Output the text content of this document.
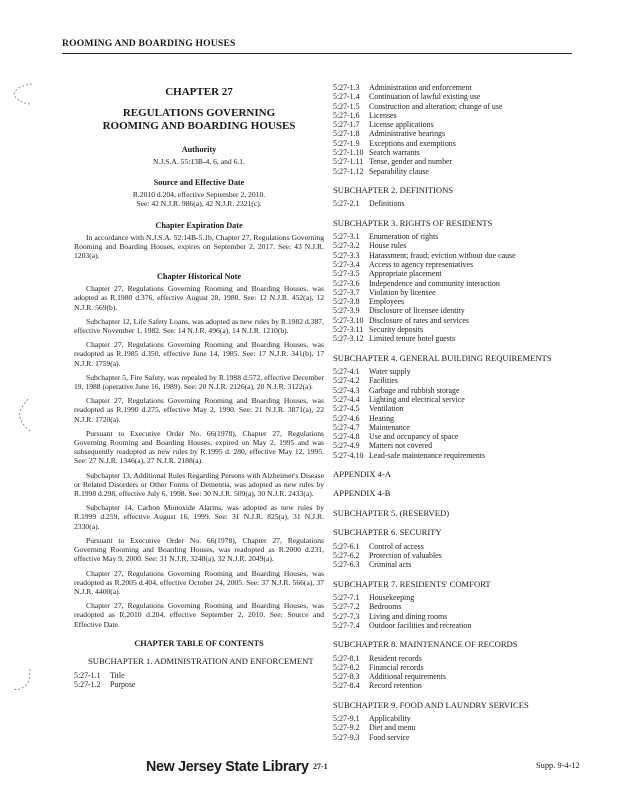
ROOMING AND BOARDING HOUSES
CHAPTER 27
REGULATIONS GOVERNING ROOMING AND BOARDING HOUSES
Authority
N.J.S.A. 55:13B-4, 6, and 6.1.
Source and Effective Date
R.2010 d.204, effective September 2, 2010.
See: 42 N.J.R. 986(a), 42 N.J.R. 2321(c).
Chapter Expiration Date

In accordance with N.J.S.A. 52:14B-5.1b, Chapter 27, Regulations Governing Rooming and Boarding Houses, expires on September 2, 2017. See: 43 N.J.R. 1203(a).

Chapter Historical Note

Chapter 27, Regulations Governing Rooming and Boarding Houses, was adopted as R.1980 d.376, effective August 28, 1980. See: 12 N.J.R. 452(a), 12 N.J.R. 569(b).

Subchapter 12, Life Safety Loans, was adopted as new rules by R.1982 d.387, effective November 1, 1982. See: 14 N.J.R. 496(a), 14 N.J.R. 1210(b).

Chapter 27, Regulations Governing Rooming and Boarding Houses, was readopted as R.1985 d.350, effective June 14, 1985. See: 17 N.J.R. 341(b), 17 N.J.R. 1759(a).

Subchapter 5, Fire Safety, was repealed by R.1988 d.572, effective December 19, 1988 (operative June 16, 1989). See: 20 N.J.R. 2126(a), 20 N.J.R. 3122(a).

Chapter 27, Regulations Governing Rooming and Boarding Houses, was readopted as R.1990 d.275, effective May 2, 1990. See: 21 N.J.R. 3871(a), 22 N.J.R. 1720(a).

Pursuant to Executive Order No. 66(1978), Chapter 27, Regulations Governing Rooming and Boarding Houses, expired on May 2, 1995 and was subsequently readopted as new rules by R.1995 d. 280, effective May 12, 1995. See: 27 N.J.R. 1346(a), 27 N.J.R. 2188(a).

Subchapter 13, Additional Rules Regarding Persons with Alzheimer's Disease or Related Disorders or Other Forms of Dementia, was adopted as new rules by R.1998 d.298, effective July 6, 1998. See: 30 N.J.R. 509(a), 30 N.J.R. 2433(a).

Subchapter 14, Carbon Monoxide Alarms, was adopted as new rules by R.1999 d.259, effective August 16, 1999. See: 31 N.J.R. 825(a), 31 N.J.R. 2330(a).

Pursuant to Executive Order No. 66(1978), Chapter 27, Regulations Governing Rooming and Boarding Houses, was readopted as R.2000 d.231, effective May 9, 2000. See: 31 N.J.R. 3248(a), 32 N.J.R. 2049(a).

Chapter 27, Regulations Governing Rooming and Boarding Houses, was readopted as R.2005 d.404, effective October 24, 2005. See: 37 N.J.R. 566(a), 37 N.J.R. 4400(a).

Chapter 27, Regulations Governing Rooming and Boarding Houses, was readopted as R.2010 d.204, effective September 2, 2010. See: Source and Effective Date.

CHAPTER TABLE OF CONTENTS
SUBCHAPTER 1. ADMINISTRATION AND ENFORCEMENT
5:27-1.1	Title
5:27-1.2	Purpose
5:27-1.3	Administration and enforcement
5:27-1.4	Continuation of lawful existing use
5:27-1.5	Construction and alteration; change of use
5:27-1.6	Licenses
5:27-1.7	License applications
5:27-1.8	Administrative hearings
5:27-1.9	Exceptions and exemptions
5:27-1.10 Search warrants
5:27-1.11 Tense, gender and number
5:27-1.12 Separability clause
SUBCHAPTER 2. DEFINITIONS
5:27-2.1	Definitions
SUBCHAPTER 3. RIGHTS OF RESIDENTS
5:27-3.1	Enumeration of rights
5:27-3.2	House rules
5:27-3.3	Harassment; fraud; eviction without due cause
5:27-3.4	Access to agency representatives
5:27-3.5	Appropriate placement
5:27-3.6	Independence and community interaction
5:27-3.7	Violation by licensee
5:27-3.8	Employees
5:27-3.9	Disclosure of licensee identity
5:27-3.10 Disclosure of rates and services
5:27-3.11 Security deposits
5:27-3.12 Limited tenure hotel guests
SUBCHAPTER 4. GENERAL BUILDING REQUIREMENTS
5:27-4.1	Water supply
5:27-4.2	Facilities
5:27-4.3	Garbage and rubbish storage
5:27-4.4	Lighting and electrical service
5:27-4.5	Ventilation
5:27-4.6	Heating
5:27-4.7	Maintenance
5:27-4.8	Use and occupancy of space
5:27-4.9	Matters not covered
5:27-4.10 Lead-safe maintenance requirements
APPENDIX 4-A
APPENDIX 4-B
SUBCHAPTER 5. (RESERVED)
SUBCHAPTER 6. SECURITY
5:27-6.1	Control of access
5:27-6.2	Protection of valuables
5:27-6.3	Criminal acts
SUBCHAPTER 7. RESIDENTS' COMFORT
5:27-7.1	Housekeeping
5:27-7.2	Bedrooms
5:27-7.3	Living and dining rooms
5:27-7.4	Outdoor facilities and recreation
SUBCHAPTER 8. MAINTENANCE OF RECORDS
5:27-8.1	Resident records
5:27-8.2	Financial records
5:27-8.3	Additional requirements
5:27-8.4	Record retention
SUBCHAPTER 9. FOOD AND LAUNDRY SERVICES
5:27-9.1	Applicability
5:27-9.2	Diet and menu
5:27-9.3	Food service
New Jersey State Library 27-1	Supp. 9-4-12
